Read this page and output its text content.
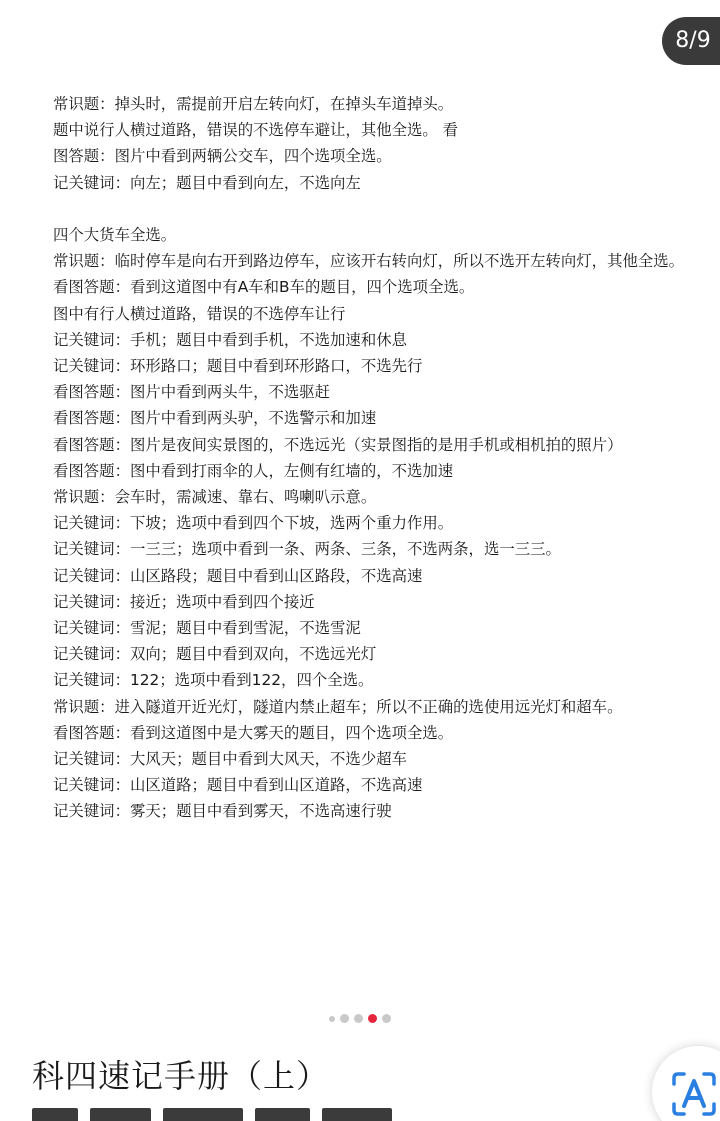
8/9
常识题：掉头时，需提前开启左转向灯，在掉头车道掉头。
题中说行人横过道路，错误的不选停车避让，其他全选。 看
图答题：图片中看到两辆公交车，四个选项全选。
记关键词：向左；题目中看到向左，不选向左
四个大货车全选。
常识题：临时停车是向右开到路边停车，应该开右转向灯，所以不选开左转向灯，其他全选。
看图答题：看到这道图中有A车和B车的题目，四个选项全选。
图中有行人横过道路，错误的不选停车让行
记关键词：手机；题目中看到手机，不选加速和休息
记关键词：环形路口；题目中看到环形路口，不选先行
看图答题：图片中看到两头牛，不选驱赶
看图答题：图片中看到两头驴，不选警示和加速
看图答题：图片是夜间实景图的，不选远光（实景图指的是用手机或相机拍的照片）
看图答题：图中看到打雨伞的人，左侧有红墙的，不选加速
常识题：会车时，需减速、靠右、鸣喇叭示意。
记关键词：下坡；选项中看到四个下坡，选两个重力作用。
记关键词：一三三；选项中看到一条、两条、三条，不选两条，选一三三。
记关键词：山区路段；题目中看到山区路段，不选高速
记关键词：接近；选项中看到四个接近
记关键词：雪泥；题目中看到雪泥，不选雪泥
记关键词：双向；题目中看到双向，不选远光灯
记关键词：122；选项中看到122，四个全选。
常识题：进入隧道开近光灯，隧道内禁止超车；所以不正确的选使用远光灯和超车。
看图答题：看到这道图中是大雾天的题目，四个选项全选。
记关键词：大风天；题目中看到大风天，不选少超车
记关键词：山区道路；题目中看到山区道路，不选高速
记关键词：雾天；题目中看到雾天，不选高速行驶
科四速记手册（上）
